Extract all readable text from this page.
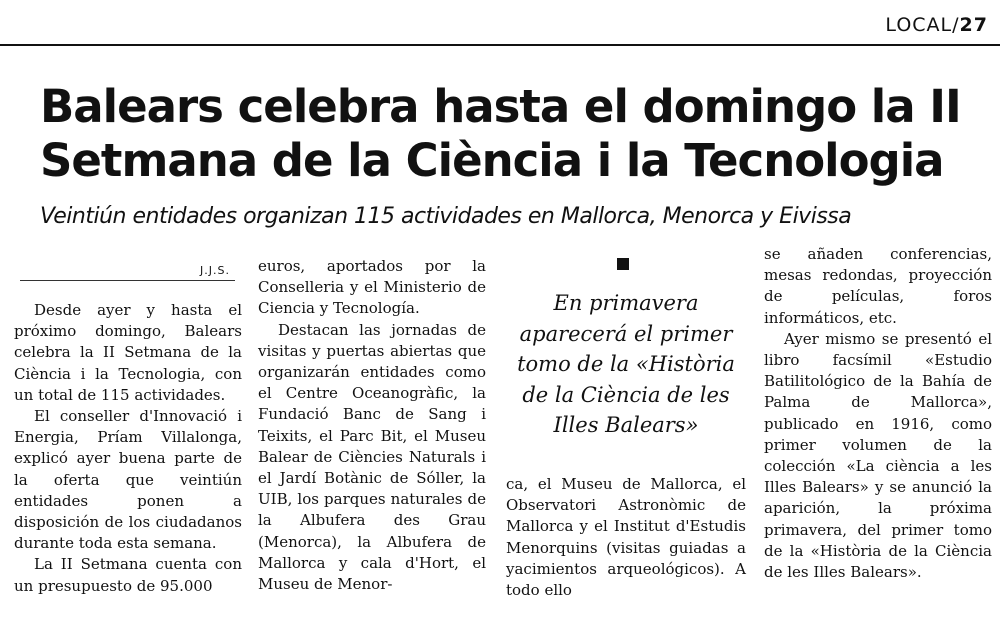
LOCAL/27
Balears celebra hasta el domingo la II
Setmana de la Ciència i la Tecnologia
Veintiún entidades organizan 115 actividades en Mallorca, Menorca y Eivissa
J.J.S.

Desde ayer y hasta el próximo domingo, Balears celebra la II Setmana de la Ciència i la Tecnologia, con un total de 115 actividades.

El conseller d'Innovació i Energia, Príam Villalonga, explicó ayer buena parte de la oferta que veintiún entidades ponen a disposición de los ciudadanos durante toda esta semana.

La II Setmana cuenta con un presupuesto de 95.000

euros, aportados por la Conselleria y el Ministerio de Ciencia y Tecnología.

Destacan las jornadas de visitas y puertas abiertas que organizarán entidades como el Centre Oceanogràfic, la Fundació Banc de Sang i Teixits, el Parc Bit, el Museu Balear de Ciències Naturals i el Jardí Botànic de Sóller, la UIB, los parques naturales de la Albufera des Grau (Menorca), la Albufera de Mallorca y cala d'Hort, el Museu de Menor-

En primavera
aparecerá el primer
tomo de la «Història
de la Ciència de les
Illes Balears»

ca, el Museu de Mallorca, el Observatori Astronòmic de Mallorca y el Institut d'Estudis Menorquins (visitas guiadas a yacimientos arqueológicos). A todo ello

se añaden conferencias, mesas redondas, proyección de películas, foros informáticos, etc.

Ayer mismo se presentó el libro facsímil «Estudio Batilitológico de la Bahía de Palma de Mallorca», publicado en 1916, como primer volumen de la colección «La ciència a les Illes Balears» y se anunció la aparición, la próxima primavera, del primer tomo de la «Història de la Ciència de les Illes Balears».
